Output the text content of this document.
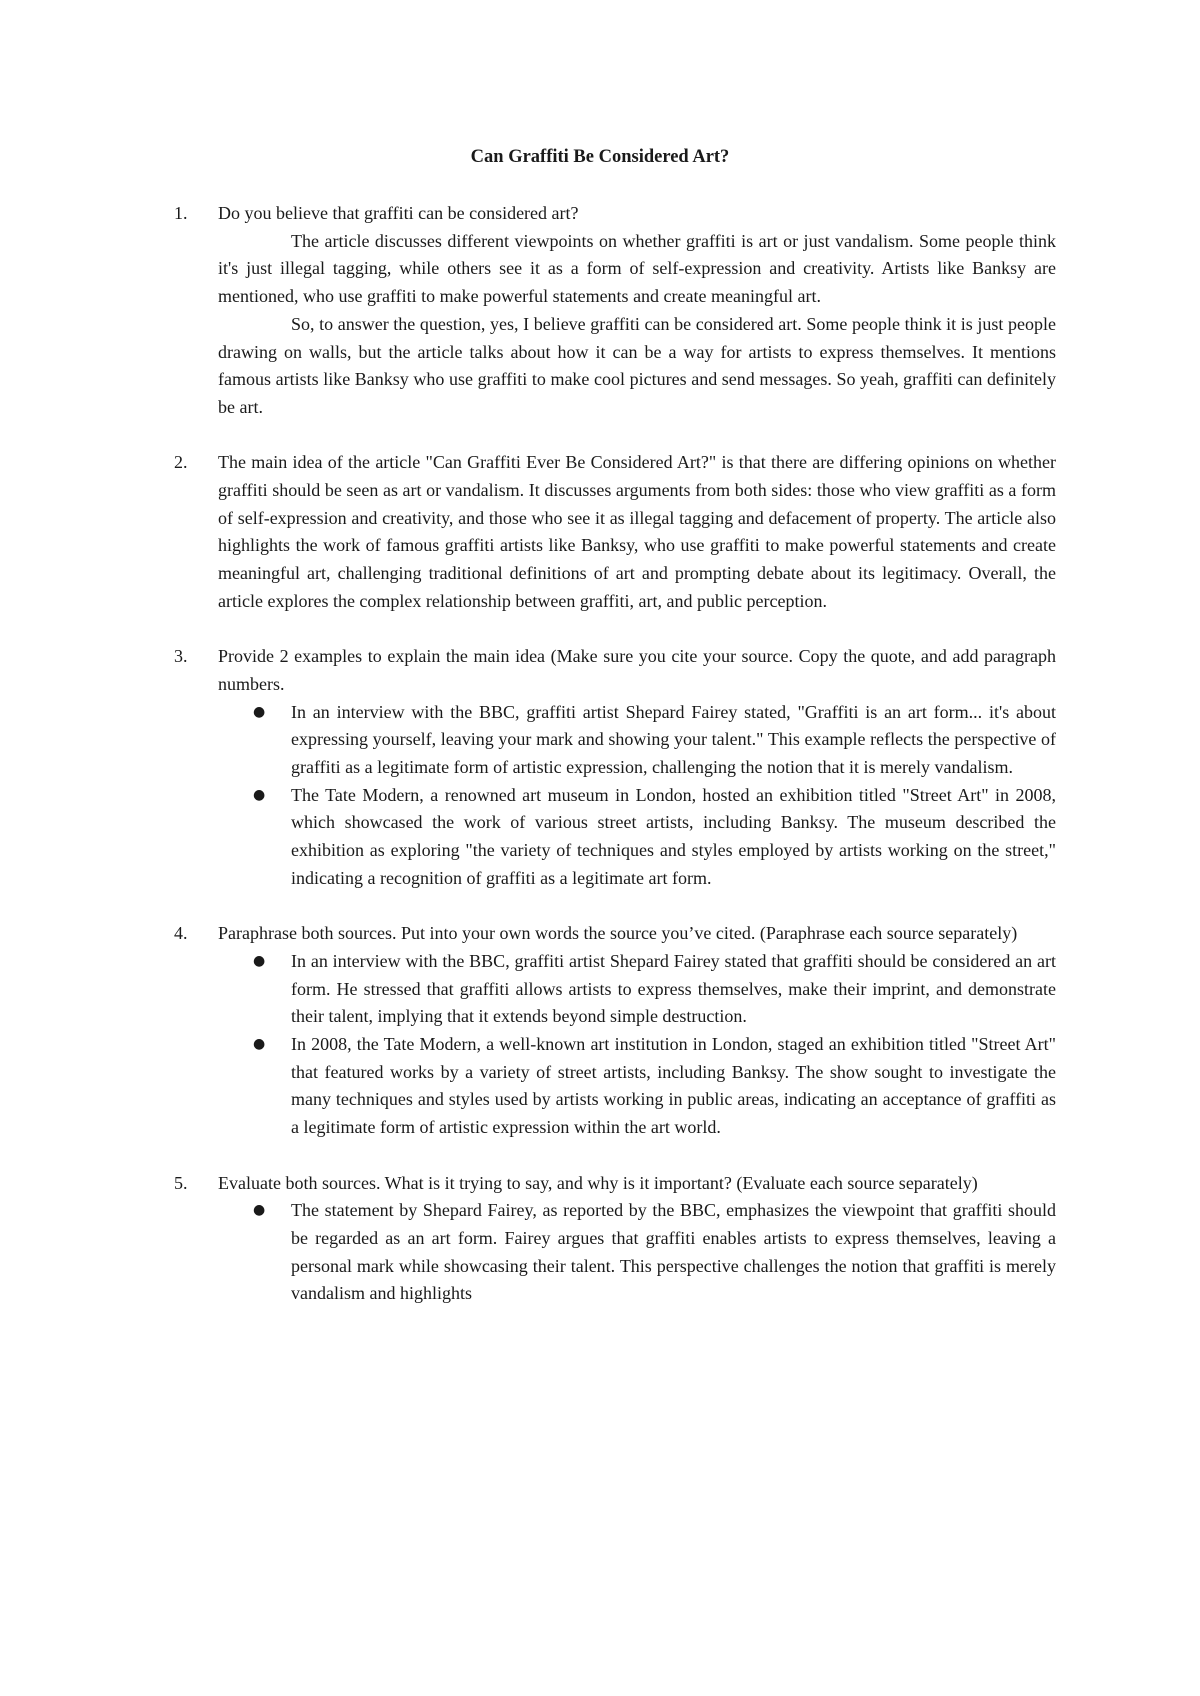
Can Graffiti Be Considered Art?
1. Do you believe that graffiti can be considered art?

The article discusses different viewpoints on whether graffiti is art or just vandalism. Some people think it's just illegal tagging, while others see it as a form of self-expression and creativity. Artists like Banksy are mentioned, who use graffiti to make powerful statements and create meaningful art.

So, to answer the question, yes, I believe graffiti can be considered art. Some people think it is just people drawing on walls, but the article talks about how it can be a way for artists to express themselves. It mentions famous artists like Banksy who use graffiti to make cool pictures and send messages. So yeah, graffiti can definitely be art.

2. The main idea of the article "Can Graffiti Ever Be Considered Art?" is that there are differing opinions on whether graffiti should be seen as art or vandalism. It discusses arguments from both sides: those who view graffiti as a form of self-expression and creativity, and those who see it as illegal tagging and defacement of property. The article also highlights the work of famous graffiti artists like Banksy, who use graffiti to make powerful statements and create meaningful art, challenging traditional definitions of art and prompting debate about its legitimacy. Overall, the article explores the complex relationship between graffiti, art, and public perception.

3. Provide 2 examples to explain the main idea (Make sure you cite your source. Copy the quote, and add paragraph numbers.

● In an interview with the BBC, graffiti artist Shepard Fairey stated, "Graffiti is an art form... it's about expressing yourself, leaving your mark and showing your talent." This example reflects the perspective of graffiti as a legitimate form of artistic expression, challenging the notion that it is merely vandalism.
● The Tate Modern, a renowned art museum in London, hosted an exhibition titled "Street Art" in 2008, which showcased the work of various street artists, including Banksy. The museum described the exhibition as exploring "the variety of techniques and styles employed by artists working on the street," indicating a recognition of graffiti as a legitimate art form.
4. Paraphrase both sources. Put into your own words the source you’ve cited. (Paraphrase each source separately)

● In an interview with the BBC, graffiti artist Shepard Fairey stated that graffiti should be considered an art form. He stressed that graffiti allows artists to express themselves, make their imprint, and demonstrate their talent, implying that it extends beyond simple destruction.
● In 2008, the Tate Modern, a well-known art institution in London, staged an exhibition titled "Street Art" that featured works by a variety of street artists, including Banksy. The show sought to investigate the many techniques and styles used by artists working in public areas, indicating an acceptance of graffiti as a legitimate form of artistic expression within the art world.
5. Evaluate both sources. What is it trying to say, and why is it important? (Evaluate each source separately)

● The statement by Shepard Fairey, as reported by the BBC, emphasizes the viewpoint that graffiti should be regarded as an art form. Fairey argues that graffiti enables artists to express themselves, leaving a personal mark while showcasing their talent. This perspective challenges the notion that graffiti is merely vandalism and highlights
